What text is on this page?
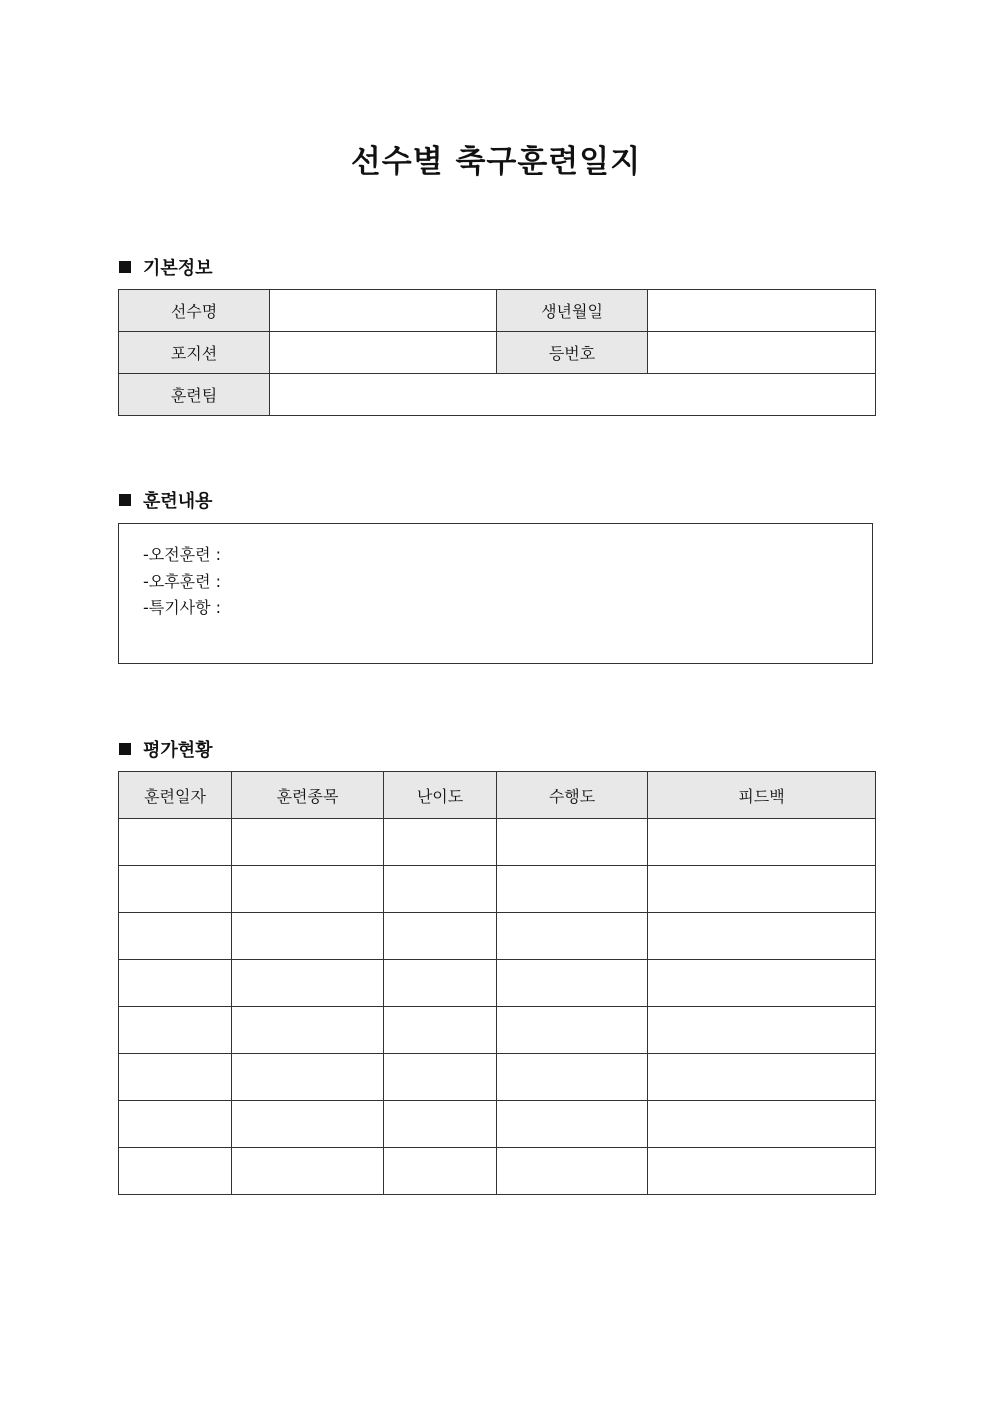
선수별 축구훈련일지
기본정보
선수명		생년월일	
포지션		등번호	
훈련팀			
훈련내용
-오전훈련 :
-오후훈련 :
-특기사항 :
평가현황
훈련일자	훈련종목	난이도	수행도	피드백
